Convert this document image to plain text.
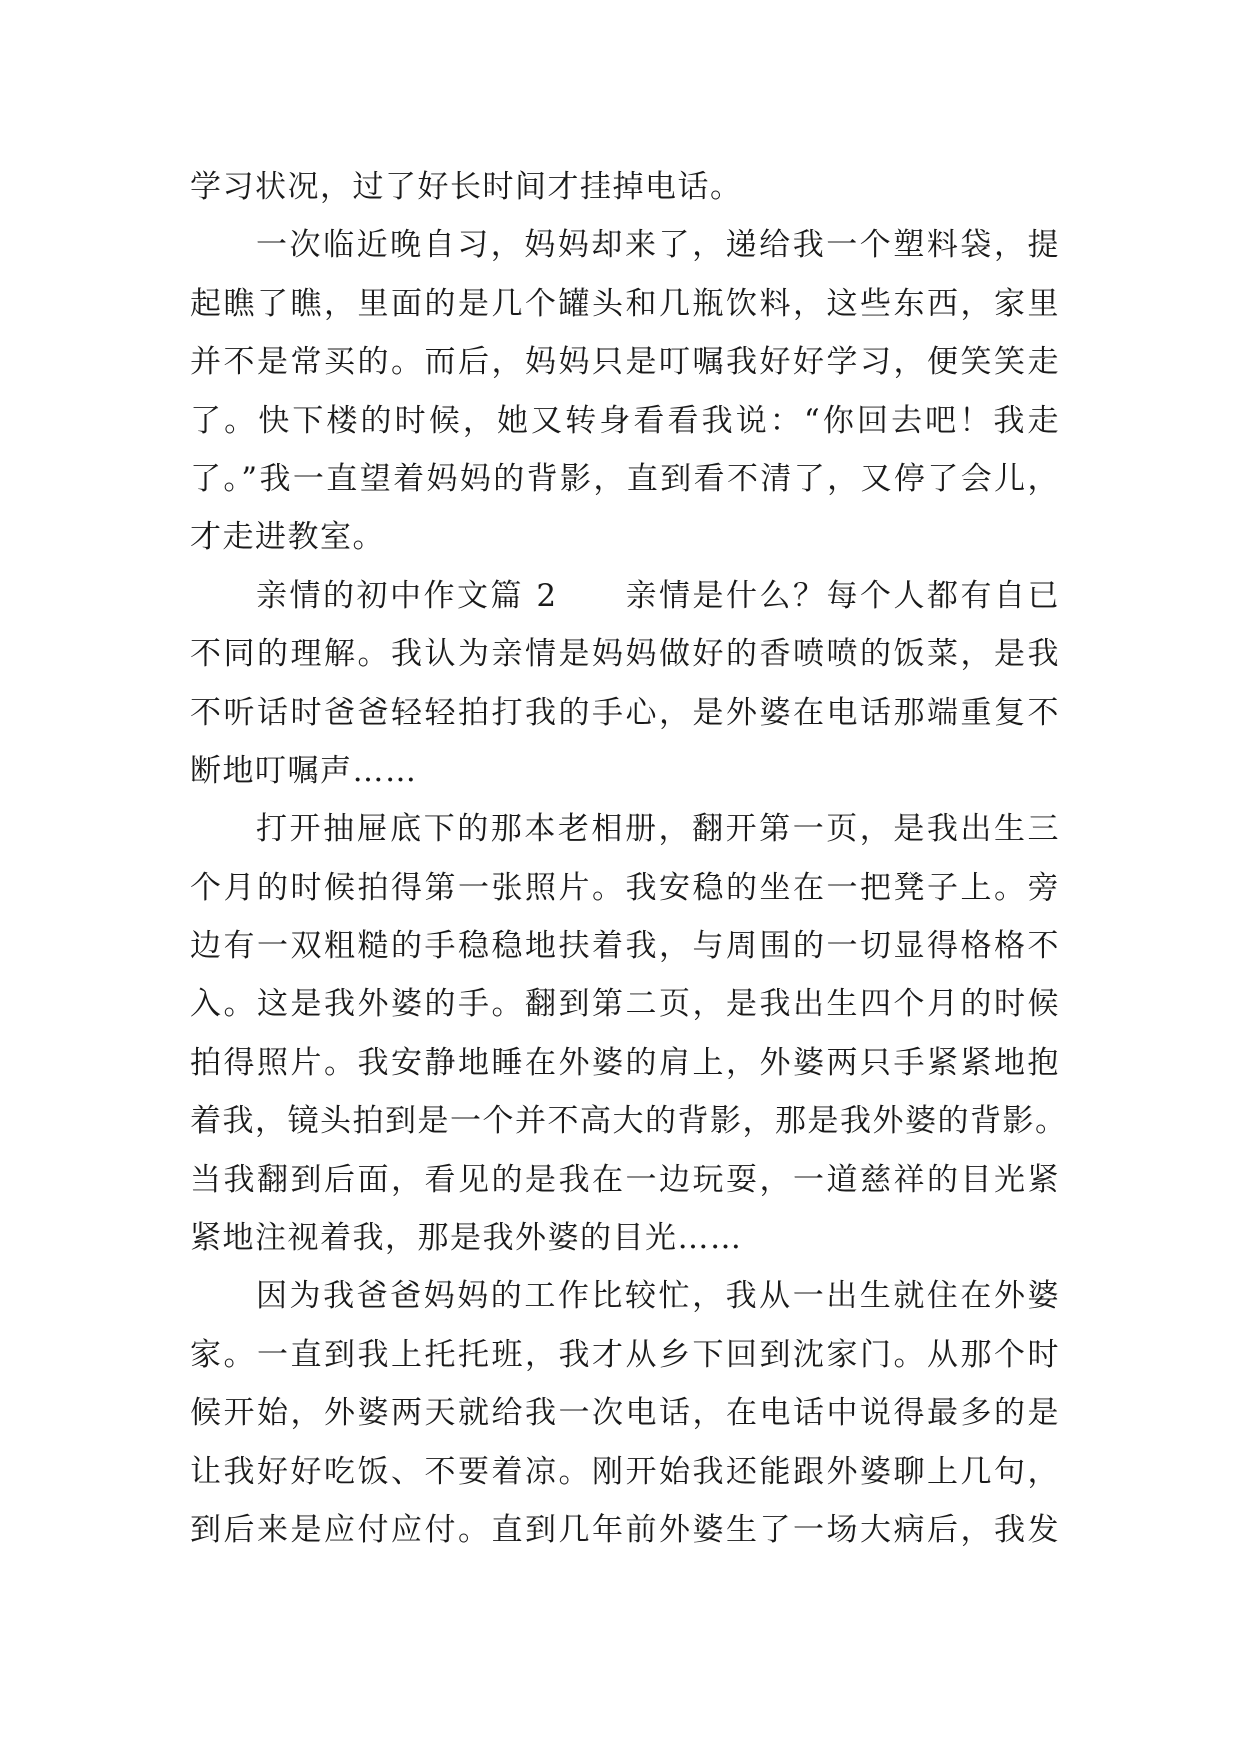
学习状况，过了好长时间才挂掉电话。
一次临近晚自习，妈妈却来了，递给我一个塑料袋，提
起瞧了瞧，里面的是几个罐头和几瓶饮料，这些东西，家里
并不是常买的。而后，妈妈只是叮嘱我好好学习，便笑笑走
了。快下楼的时候，她又转身看看我说：“你回去吧！我走
了。”我一直望着妈妈的背影，直到看不清了，又停了会儿，
才走进教室。
亲情的初中作文篇 2　　亲情是什么？每个人都有自已
不同的理解。我认为亲情是妈妈做好的香喷喷的饭菜，是我
不听话时爸爸轻轻拍打我的手心，是外婆在电话那端重复不
断地叮嘱声……
打开抽屉底下的那本老相册，翻开第一页，是我出生三
个月的时候拍得第一张照片。我安稳的坐在一把凳子上。旁
边有一双粗糙的手稳稳地扶着我，与周围的一切显得格格不
入。这是我外婆的手。翻到第二页，是我出生四个月的时候
拍得照片。我安静地睡在外婆的肩上，外婆两只手紧紧地抱
着我，镜头拍到是一个并不高大的背影，那是我外婆的背影。
当我翻到后面，看见的是我在一边玩耍，一道慈祥的目光紧
紧地注视着我，那是我外婆的目光……
因为我爸爸妈妈的工作比较忙，我从一出生就住在外婆
家。一直到我上托托班，我才从乡下回到沈家门。从那个时
候开始，外婆两天就给我一次电话，在电话中说得最多的是
让我好好吃饭、不要着凉。刚开始我还能跟外婆聊上几句，
到后来是应付应付。直到几年前外婆生了一场大病后，我发
